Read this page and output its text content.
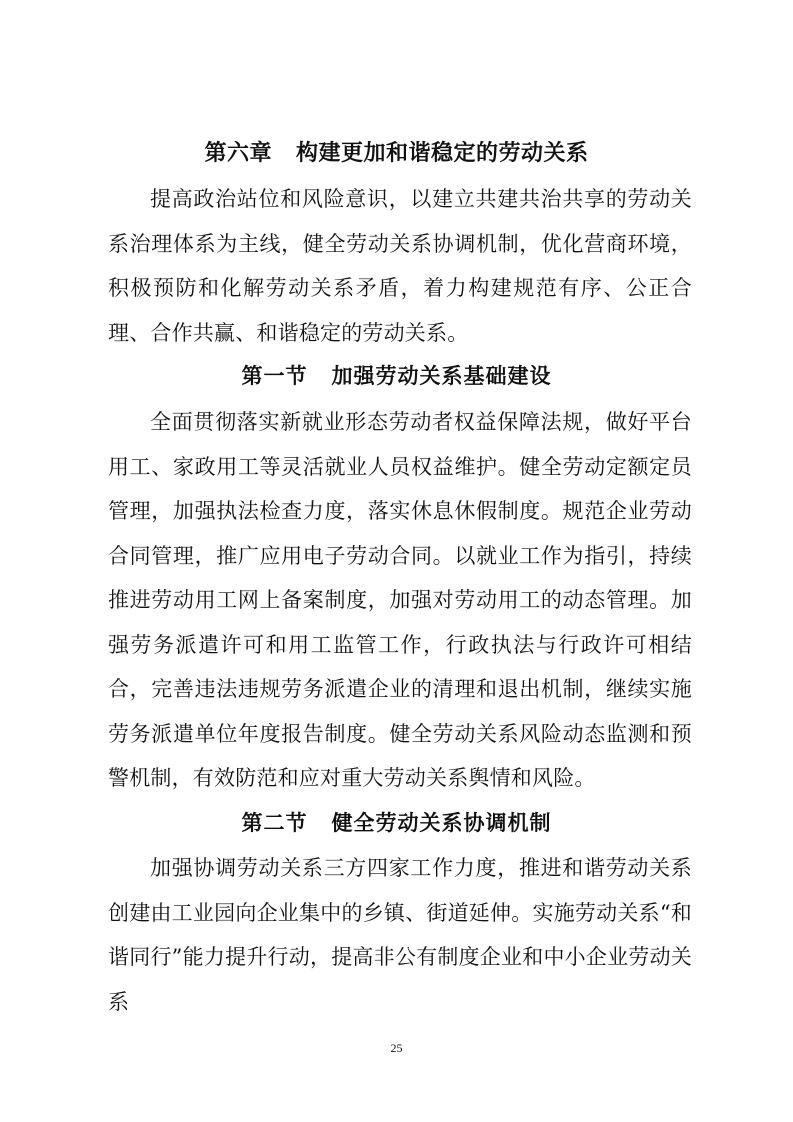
第六章 构建更加和谐稳定的劳动关系
提高政治站位和风险意识，以建立共建共治共享的劳动关系治理体系为主线，健全劳动关系协调机制，优化营商环境，积极预防和化解劳动关系矛盾，着力构建规范有序、公正合理、合作共赢、和谐稳定的劳动关系。
第一节 加强劳动关系基础建设
全面贯彻落实新就业形态劳动者权益保障法规，做好平台用工、家政用工等灵活就业人员权益维护。健全劳动定额定员管理，加强执法检查力度，落实休息休假制度。规范企业劳动合同管理，推广应用电子劳动合同。以就业工作为指引，持续推进劳动用工网上备案制度，加强对劳动用工的动态管理。加强劳务派遣许可和用工监管工作，行政执法与行政许可相结合，完善违法违规劳务派遣企业的清理和退出机制，继续实施劳务派遣单位年度报告制度。健全劳动关系风险动态监测和预警机制，有效防范和应对重大劳动关系舆情和风险。
第二节 健全劳动关系协调机制
加强协调劳动关系三方四家工作力度，推进和谐劳动关系创建由工业园向企业集中的乡镇、街道延伸。实施劳动关系“和谐同行”能力提升行动，提高非公有制度企业和中小企业劳动关系
25
